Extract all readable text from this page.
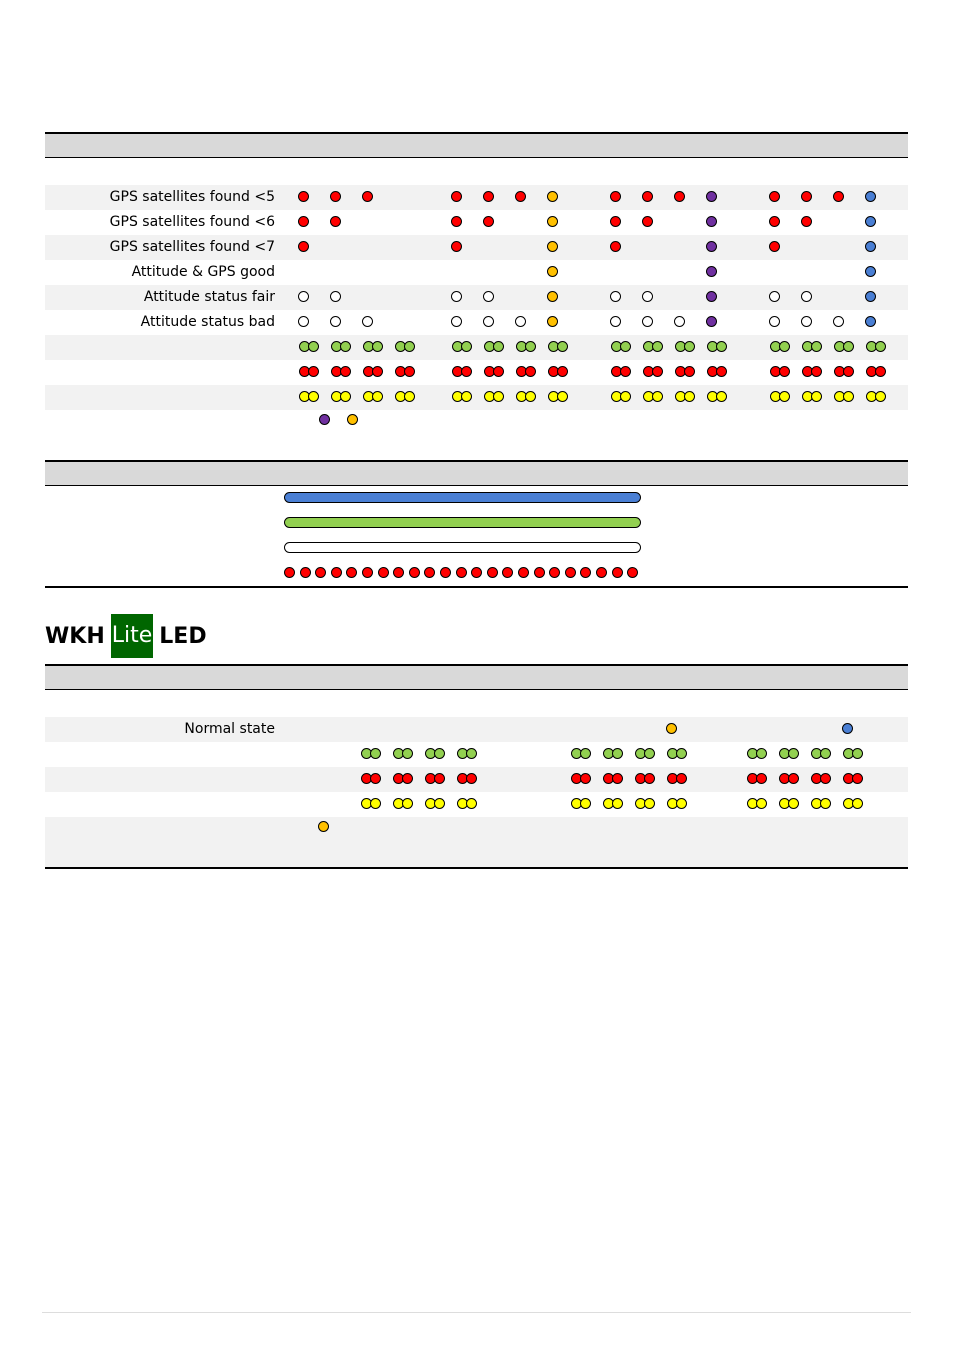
GPS satellites found <5
GPS satellites found <6
GPS satellites found <7
Attitude & GPS good
Attitude status fair
Attitude status bad
WKH Lite LED
Normal state
